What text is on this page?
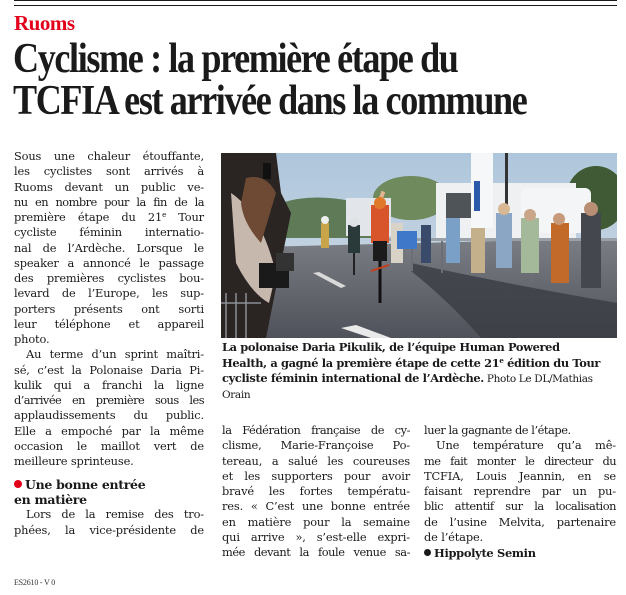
Ruoms
Cyclisme : la première étape du
TCFIA est arrivée dans la commune
Sous une chaleur étouffante,
les cyclistes sont arrivés à
Ruoms devant un public ve-
nu en nombre pour la fin de la
première étape du 21e Tour
cycliste féminin internatio-
nal de l’Ardèche. Lorsque le
speaker a annoncé le passage
des premières cyclistes bou-
levard de l’Europe, les sup-
porters présents ont sorti
leur téléphone et appareil
photo.
Au terme d’un sprint maîtri-
sé, c’est la Polonaise Daria Pi-
kulik qui a franchi la ligne
d’arrivée en première sous les
applaudissements du public.
Elle a empoché par la même
occasion le maillot vert de
meilleure sprinteuse.
Une bonne entrée
en matière
Lors de la remise des tro-
phées, la vice-présidente de
La polonaise Daria Pikulik, de l’équipe Human Powered
Health, a gagné la première étape de cette 21e édition du Tour
cycliste féminin international de l’Ardèche. Photo Le DL/Mathias
Orain
la Fédération française de cy-
clisme, Marie-Françoise Po-
tereau, a salué les coureuses
et les supporters pour avoir
bravé les fortes températu-
res. « C’est une bonne entrée
en matière pour la semaine
qui arrive », s’est-elle expri-
mée devant la foule venue sa-
luer la gagnante de l’étape.
Une température qu’a mê-
me fait monter le directeur du
TCFIA, Louis Jeannin, en se
faisant reprendre par un pu-
blic attentif sur la localisation
de l’usine Melvita, partenaire
de l’étape.
Hippolyte Semin
ES2610 - V 0
